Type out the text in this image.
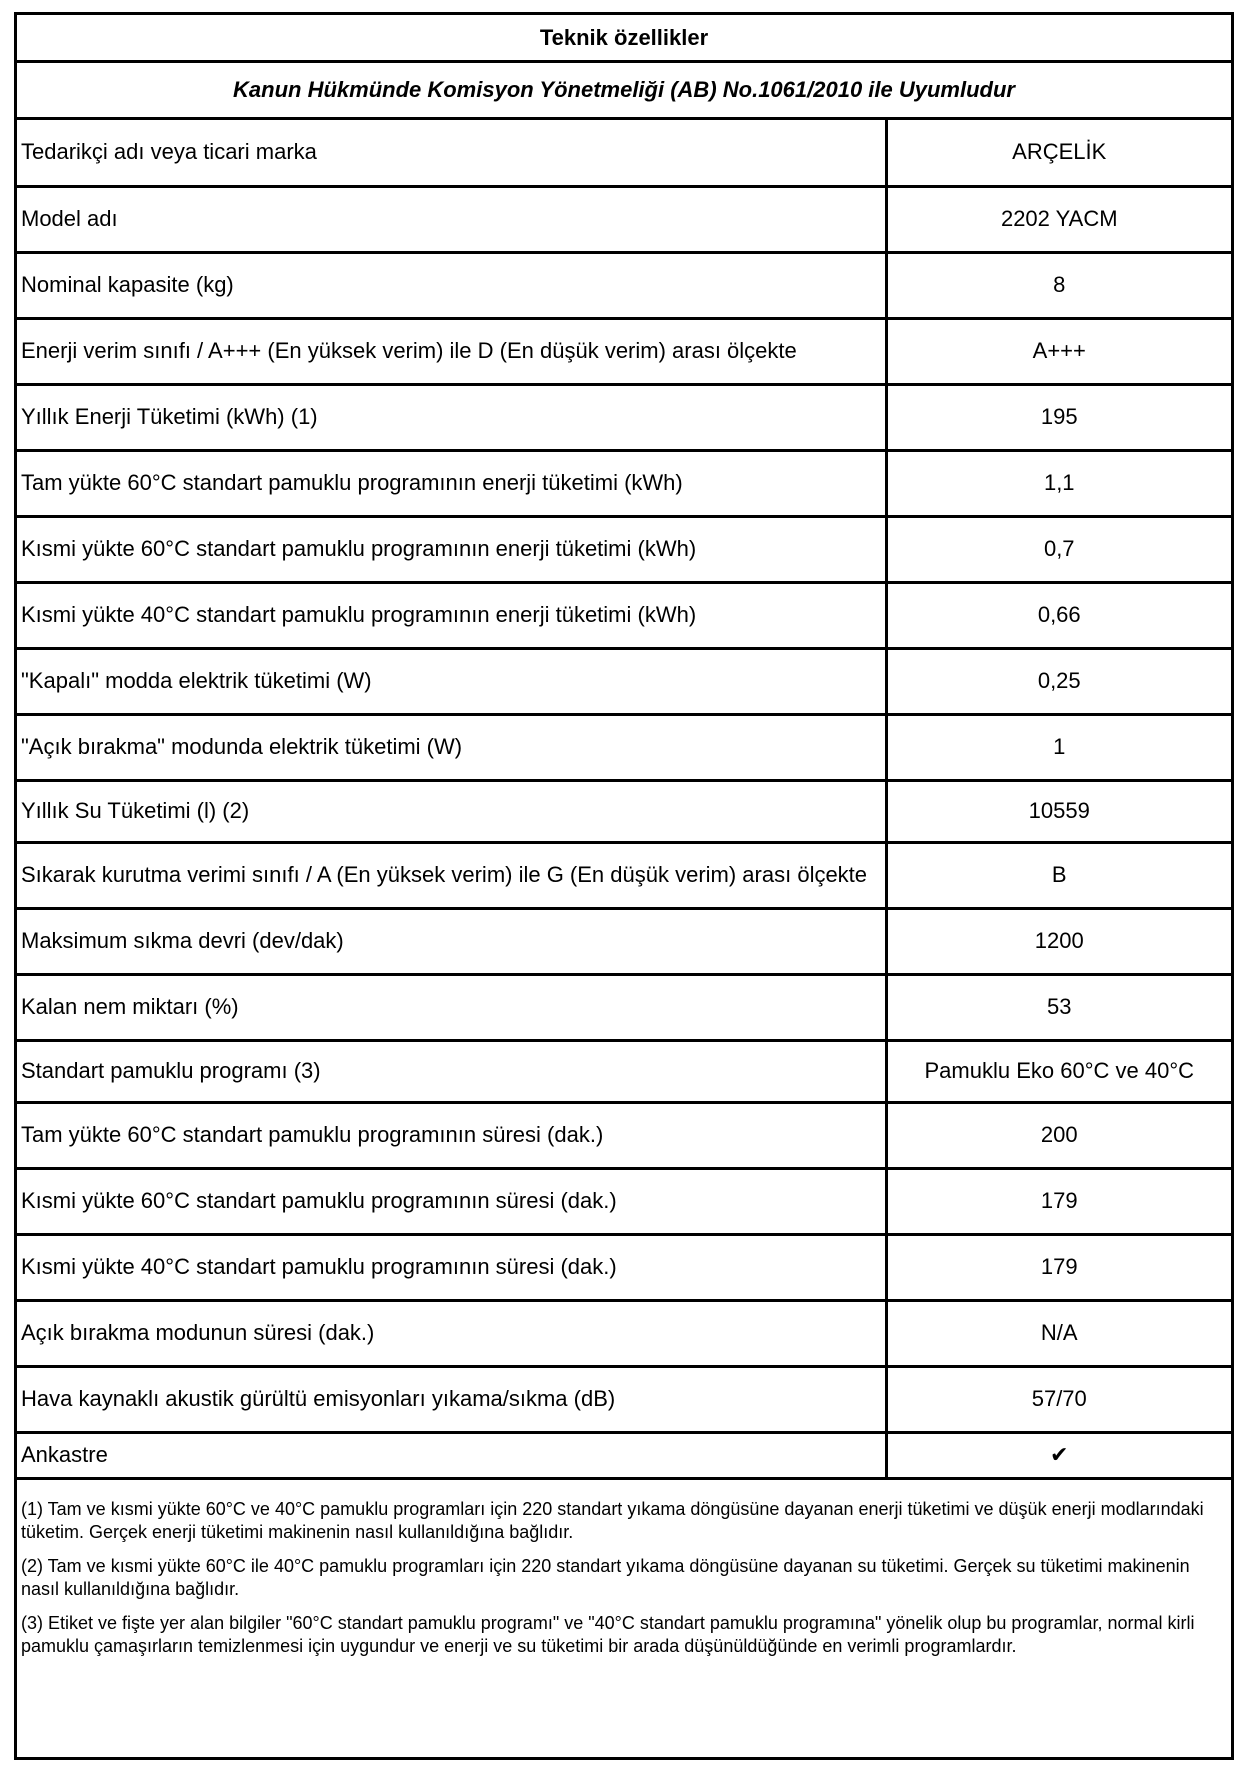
Teknik özellikler
Kanun Hükmünde Komisyon Yönetmeliği (AB) No.1061/2010 ile Uyumludur
Tedarikçi adı veya ticari marka	ARÇELİK
Model adı	2202 YACM
Nominal kapasite (kg)	8
Enerji verim sınıfı / A+++ (En yüksek verim) ile D (En düşük verim) arası ölçekte	A+++
Yıllık Enerji Tüketimi (kWh) (1)	195
Tam yükte 60°C standart pamuklu programının enerji tüketimi (kWh)	1,1
Kısmi yükte 60°C standart pamuklu programının enerji tüketimi (kWh)	0,7
Kısmi yükte 40°C standart pamuklu programının enerji tüketimi (kWh)	0,66
"Kapalı" modda elektrik tüketimi (W)	0,25
"Açık bırakma" modunda elektrik tüketimi (W)	1
Yıllık Su Tüketimi (l) (2)	10559
Sıkarak kurutma verimi sınıfı / A (En yüksek verim) ile G (En düşük verim) arası ölçekte	B
Maksimum sıkma devri (dev/dak)	1200
Kalan nem miktarı (%)	53
Standart pamuklu programı (3)	Pamuklu Eko 60°C ve 40°C
Tam yükte 60°C standart pamuklu programının süresi (dak.)	200
Kısmi yükte 60°C standart pamuklu programının süresi (dak.)	179
Kısmi yükte 40°C standart pamuklu programının süresi (dak.)	179
Açık bırakma modunun süresi (dak.)	N/A
Hava kaynaklı akustik gürültü emisyonları yıkama/sıkma (dB)	57/70
Ankastre	✔

(1) Tam ve kısmi yükte 60°C ve 40°C pamuklu programları için 220 standart yıkama döngüsüne dayanan enerji tüketimi ve düşük enerji modlarındaki tüketim. Gerçek enerji tüketimi makinenin nasıl kullanıldığına bağlıdır.

(2) Tam ve kısmi yükte 60°C ile 40°C pamuklu programları için 220 standart yıkama döngüsüne dayanan su tüketimi. Gerçek su tüketimi makinenin nasıl kullanıldığına bağlıdır.

(3) Etiket ve fişte yer alan bilgiler "60°C standart pamuklu programı" ve "40°C standart pamuklu programına" yönelik olup bu programlar, normal kirli pamuklu çamaşırların temizlenmesi için uygundur ve enerji ve su tüketimi bir arada düşünüldüğünde en verimli programlardır.
